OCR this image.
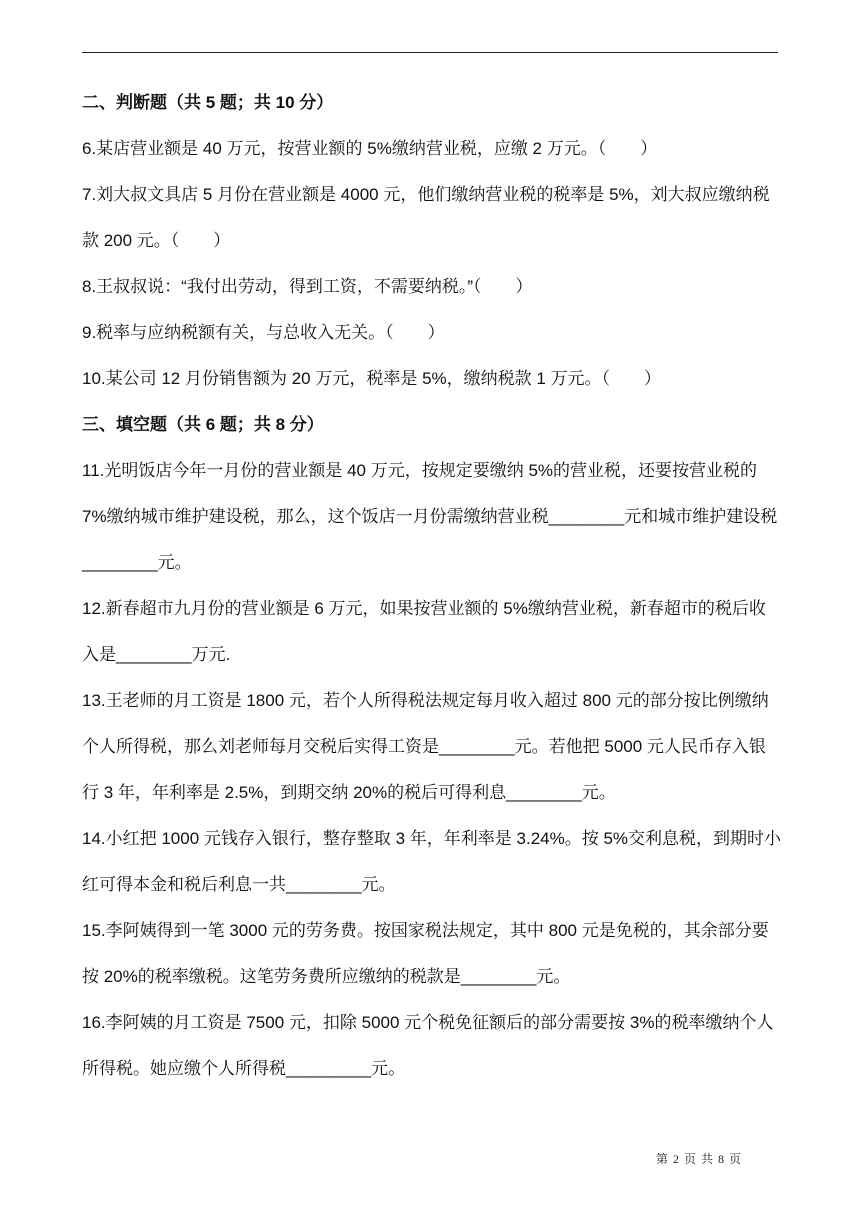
二、判断题（共 5 题；共 10 分）

6.某店营业额是 40 万元，按营业额的 5%缴纳营业税，应缴 2 万元。（　　）

7.刘大叔文具店 5 月份在营业额是 4000 元，他们缴纳营业税的税率是 5%，刘大叔应缴纳税款 200 元。（　　）

8.王叔叔说：“我付出劳动，得到工资，不需要纳税。”（　　）

9.税率与应纳税额有关，与总收入无关。（　　）

10.某公司 12 月份销售额为 20 万元，税率是 5%，缴纳税款 1 万元。（　　）

三、填空题（共 6 题；共 8 分）

11.光明饭店今年一月份的营业额是 40 万元，按规定要缴纳 5%的营业税，还要按营业税的 7%缴纳城市维护建设税，那么，这个饭店一月份需缴纳营业税________元和城市维护建设税________元。

12.新春超市九月份的营业额是 6 万元，如果按营业额的 5%缴纳营业税，新春超市的税后收入是________万元.

13.王老师的月工资是 1800 元，若个人所得税法规定每月收入超过 800 元的部分按比例缴纳个人所得税，那么刘老师每月交税后实得工资是________元。若他把 5000 元人民币存入银行 3 年，年利率是 2.5%，到期交纳 20%的税后可得利息________元。

14.小红把 1000 元钱存入银行，整存整取 3 年，年利率是 3.24%。按 5%交利息税，到期时小红可得本金和税后利息一共________元。

15.李阿姨得到一笔 3000 元的劳务费。按国家税法规定，其中 800 元是免税的，其余部分要按 20%的税率缴税。这笔劳务费所应缴纳的税款是________元。

16.李阿姨的月工资是 7500 元，扣除 5000 元个税免征额后的部分需要按 3%的税率缴纳个人所得税。她应缴个人所得税_________元。

第 2 页 共 8 页
